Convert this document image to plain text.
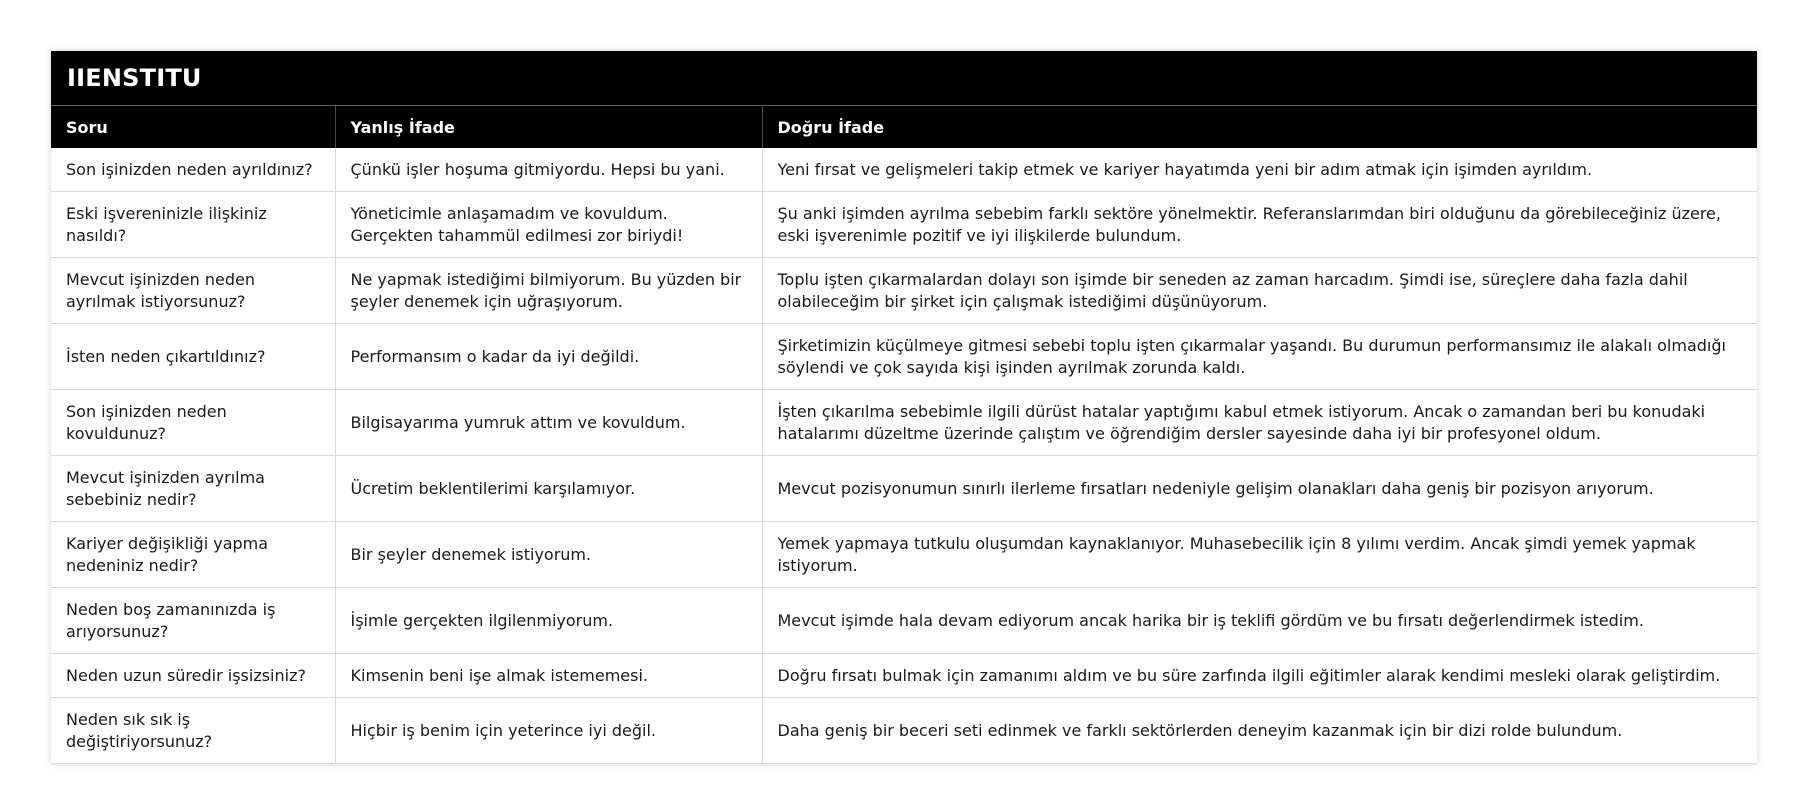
IIENSTITU
Soru	Yanlış İfade	Doğru İfade
Son işinizden neden ayrıldınız?	Çünkü işler hoşuma gitmiyordu. Hepsi bu yani.	Yeni fırsat ve gelişmeleri takip etmek ve kariyer hayatımda yeni bir adım atmak için işimden ayrıldım.
Eski işvereninizle ilişkiniz nasıldı?	Yöneticimle anlaşamadım ve kovuldum. Gerçekten tahammül edilmesi zor biriydi!	Şu anki işimden ayrılma sebebim farklı sektöre yönelmektir. Referanslarımdan biri olduğunu da görebileceğiniz üzere, eski işverenimle pozitif ve iyi ilişkilerde bulundum.
Mevcut işinizden neden ayrılmak istiyorsunuz?	Ne yapmak istediğimi bilmiyorum. Bu yüzden bir şeyler denemek için uğraşıyorum.	Toplu işten çıkarmalardan dolayı son işimde bir seneden az zaman harcadım. Şimdi ise, süreçlere daha fazla dahil olabileceğim bir şirket için çalışmak istediğimi düşünüyorum.
İsten neden çıkartıldınız?	Performansım o kadar da iyi değildi.	Şirketimizin küçülmeye gitmesi sebebi toplu işten çıkarmalar yaşandı. Bu durumun performansımız ile alakalı olmadığı söylendi ve çok sayıda kişi işinden ayrılmak zorunda kaldı.
Son işinizden neden kovuldunuz?	Bilgisayarıma yumruk attım ve kovuldum.	İşten çıkarılma sebebimle ilgili dürüst hatalar yaptığımı kabul etmek istiyorum. Ancak o zamandan beri bu konudaki hatalarımı düzeltme üzerinde çalıştım ve öğrendiğim dersler sayesinde daha iyi bir profesyonel oldum.
Mevcut işinizden ayrılma sebebiniz nedir?	Ücretim beklentilerimi karşılamıyor.	Mevcut pozisyonumun sınırlı ilerleme fırsatları nedeniyle gelişim olanakları daha geniş bir pozisyon arıyorum.
Kariyer değişikliği yapma nedeniniz nedir?	Bir şeyler denemek istiyorum.	Yemek yapmaya tutkulu oluşumdan kaynaklanıyor. Muhasebecilik için 8 yılımı verdim. Ancak şimdi yemek yapmak istiyorum.
Neden boş zamanınızda iş arıyorsunuz?	İşimle gerçekten ilgilenmiyorum.	Mevcut işimde hala devam ediyorum ancak harika bir iş teklifi gördüm ve bu fırsatı değerlendirmek istedim.
Neden uzun süredir işsizsiniz?	Kimsenin beni işe almak istememesi.	Doğru fırsatı bulmak için zamanımı aldım ve bu süre zarfında ilgili eğitimler alarak kendimi mesleki olarak geliştirdim.
Neden sık sık iş değiştiriyorsunuz?	Hiçbir iş benim için yeterince iyi değil.	Daha geniş bir beceri seti edinmek ve farklı sektörlerden deneyim kazanmak için bir dizi rolde bulundum.
